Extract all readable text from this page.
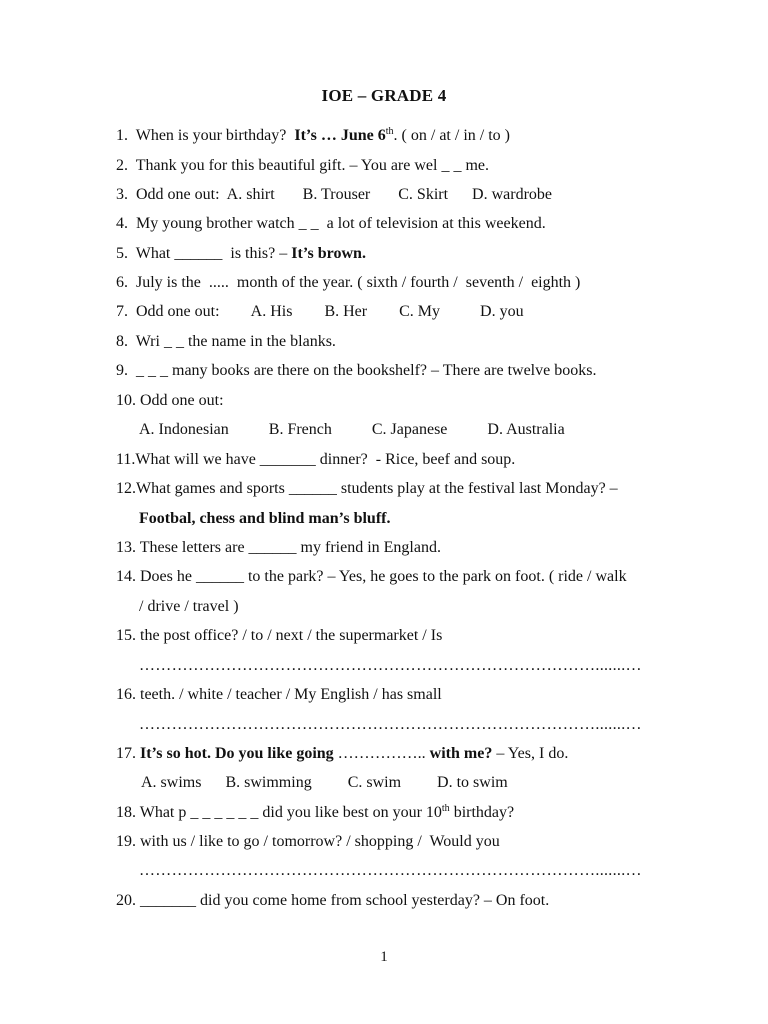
IOE – GRADE 4
1. When is your birthday? It’s … June 6th. ( on / at / in / to )
2. Thank you for this beautiful gift. – You are wel _ _ me.
3. Odd one out: A. shirt B. Trouser C. Skirt D. wardrobe
4. My young brother watch _ _  a lot of television at this weekend.
5. What ______  is this? – It’s brown.
6. July is the  .....  month of the year. ( sixth / fourth /  seventh /  eighth )
7. Odd one out: A. His B. Her C. My	D. you
8. Wri _ _ the name in the blanks.
9. _ _ _ many books are there on the bookshelf? – There are twelve books.
10. Odd one out:
A. Indonesian	B. French	C. Japanese	D. Australia
11.What will we have _______ dinner?  - Rice, beef and soup.
12.What games and sports ______ students play at the festival last Monday? –
Footbal, chess and blind man’s bluff.
13. These letters are ______ my friend in England.
14. Does he ______ to the park? – Yes, he goes to the park on foot. ( ride / walk
/ drive / travel )
15. the post office? / to / next / the supermarket / Is
………………………………………………………………………….......…
16. teeth. / white / teacher / My English / has small
………………………………………………………………………….......…
17. It’s so hot. Do you like going …………….. with me? – Yes, I do.
A. swims B. swimming C. swim D. to swim
18. What p _ _ _ _ _ _ did you like best on your 10th birthday?
19. with us / like to go / tomorrow? / shopping /  Would you
………………………………………………………………………….......…
20. _______ did you come home from school yesterday? – On foot.
1
